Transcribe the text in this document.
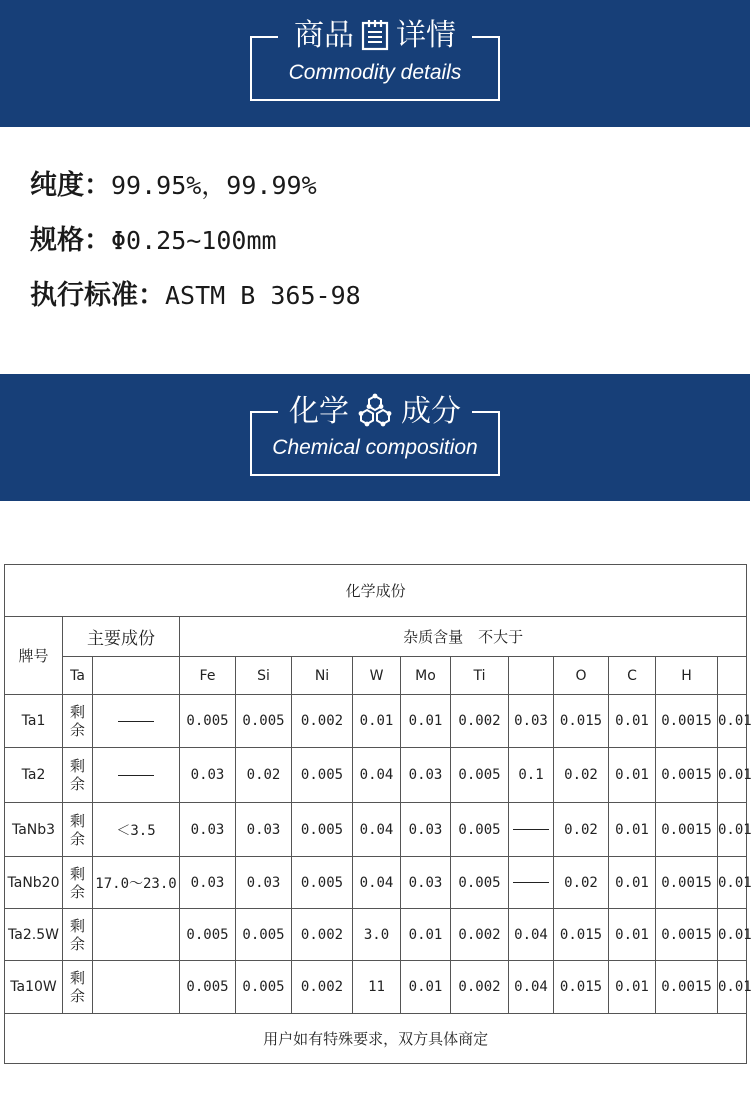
商品 详情
Commodity details
纯度：99.95%，99.99%
规格：Φ0.25~100mm
执行标准：ASTM B 365-98
化学 成分
Chemical composition
化学成份													
牌号	主要成份		杂质含量　不大于										
	Ta		Fe	Si	Ni	W	Mo	Ti		O	C	H	
Ta1	剩余		0.005	0.005	0.002	0.01	0.01	0.002	0.03	0.015	0.01	0.0015	0.01
Ta2	剩余		0.03	0.02	0.005	0.04	0.03	0.005	0.1	0.02	0.01	0.0015	0.01
TaNb3	剩余	＜3.5	0.03	0.03	0.005	0.04	0.03	0.005		0.02	0.01	0.0015	0.01
TaNb20	剩余	17.0～23.0	0.03	0.03	0.005	0.04	0.03	0.005		0.02	0.01	0.0015	0.01
Ta2.5W	剩余		0.005	0.005	0.002	3.0	0.01	0.002	0.04	0.015	0.01	0.0015	0.01
Ta10W	剩余		0.005	0.005	0.002	11	0.01	0.002	0.04	0.015	0.01	0.0015	0.01
用户如有特殊要求，双方具体商定													
